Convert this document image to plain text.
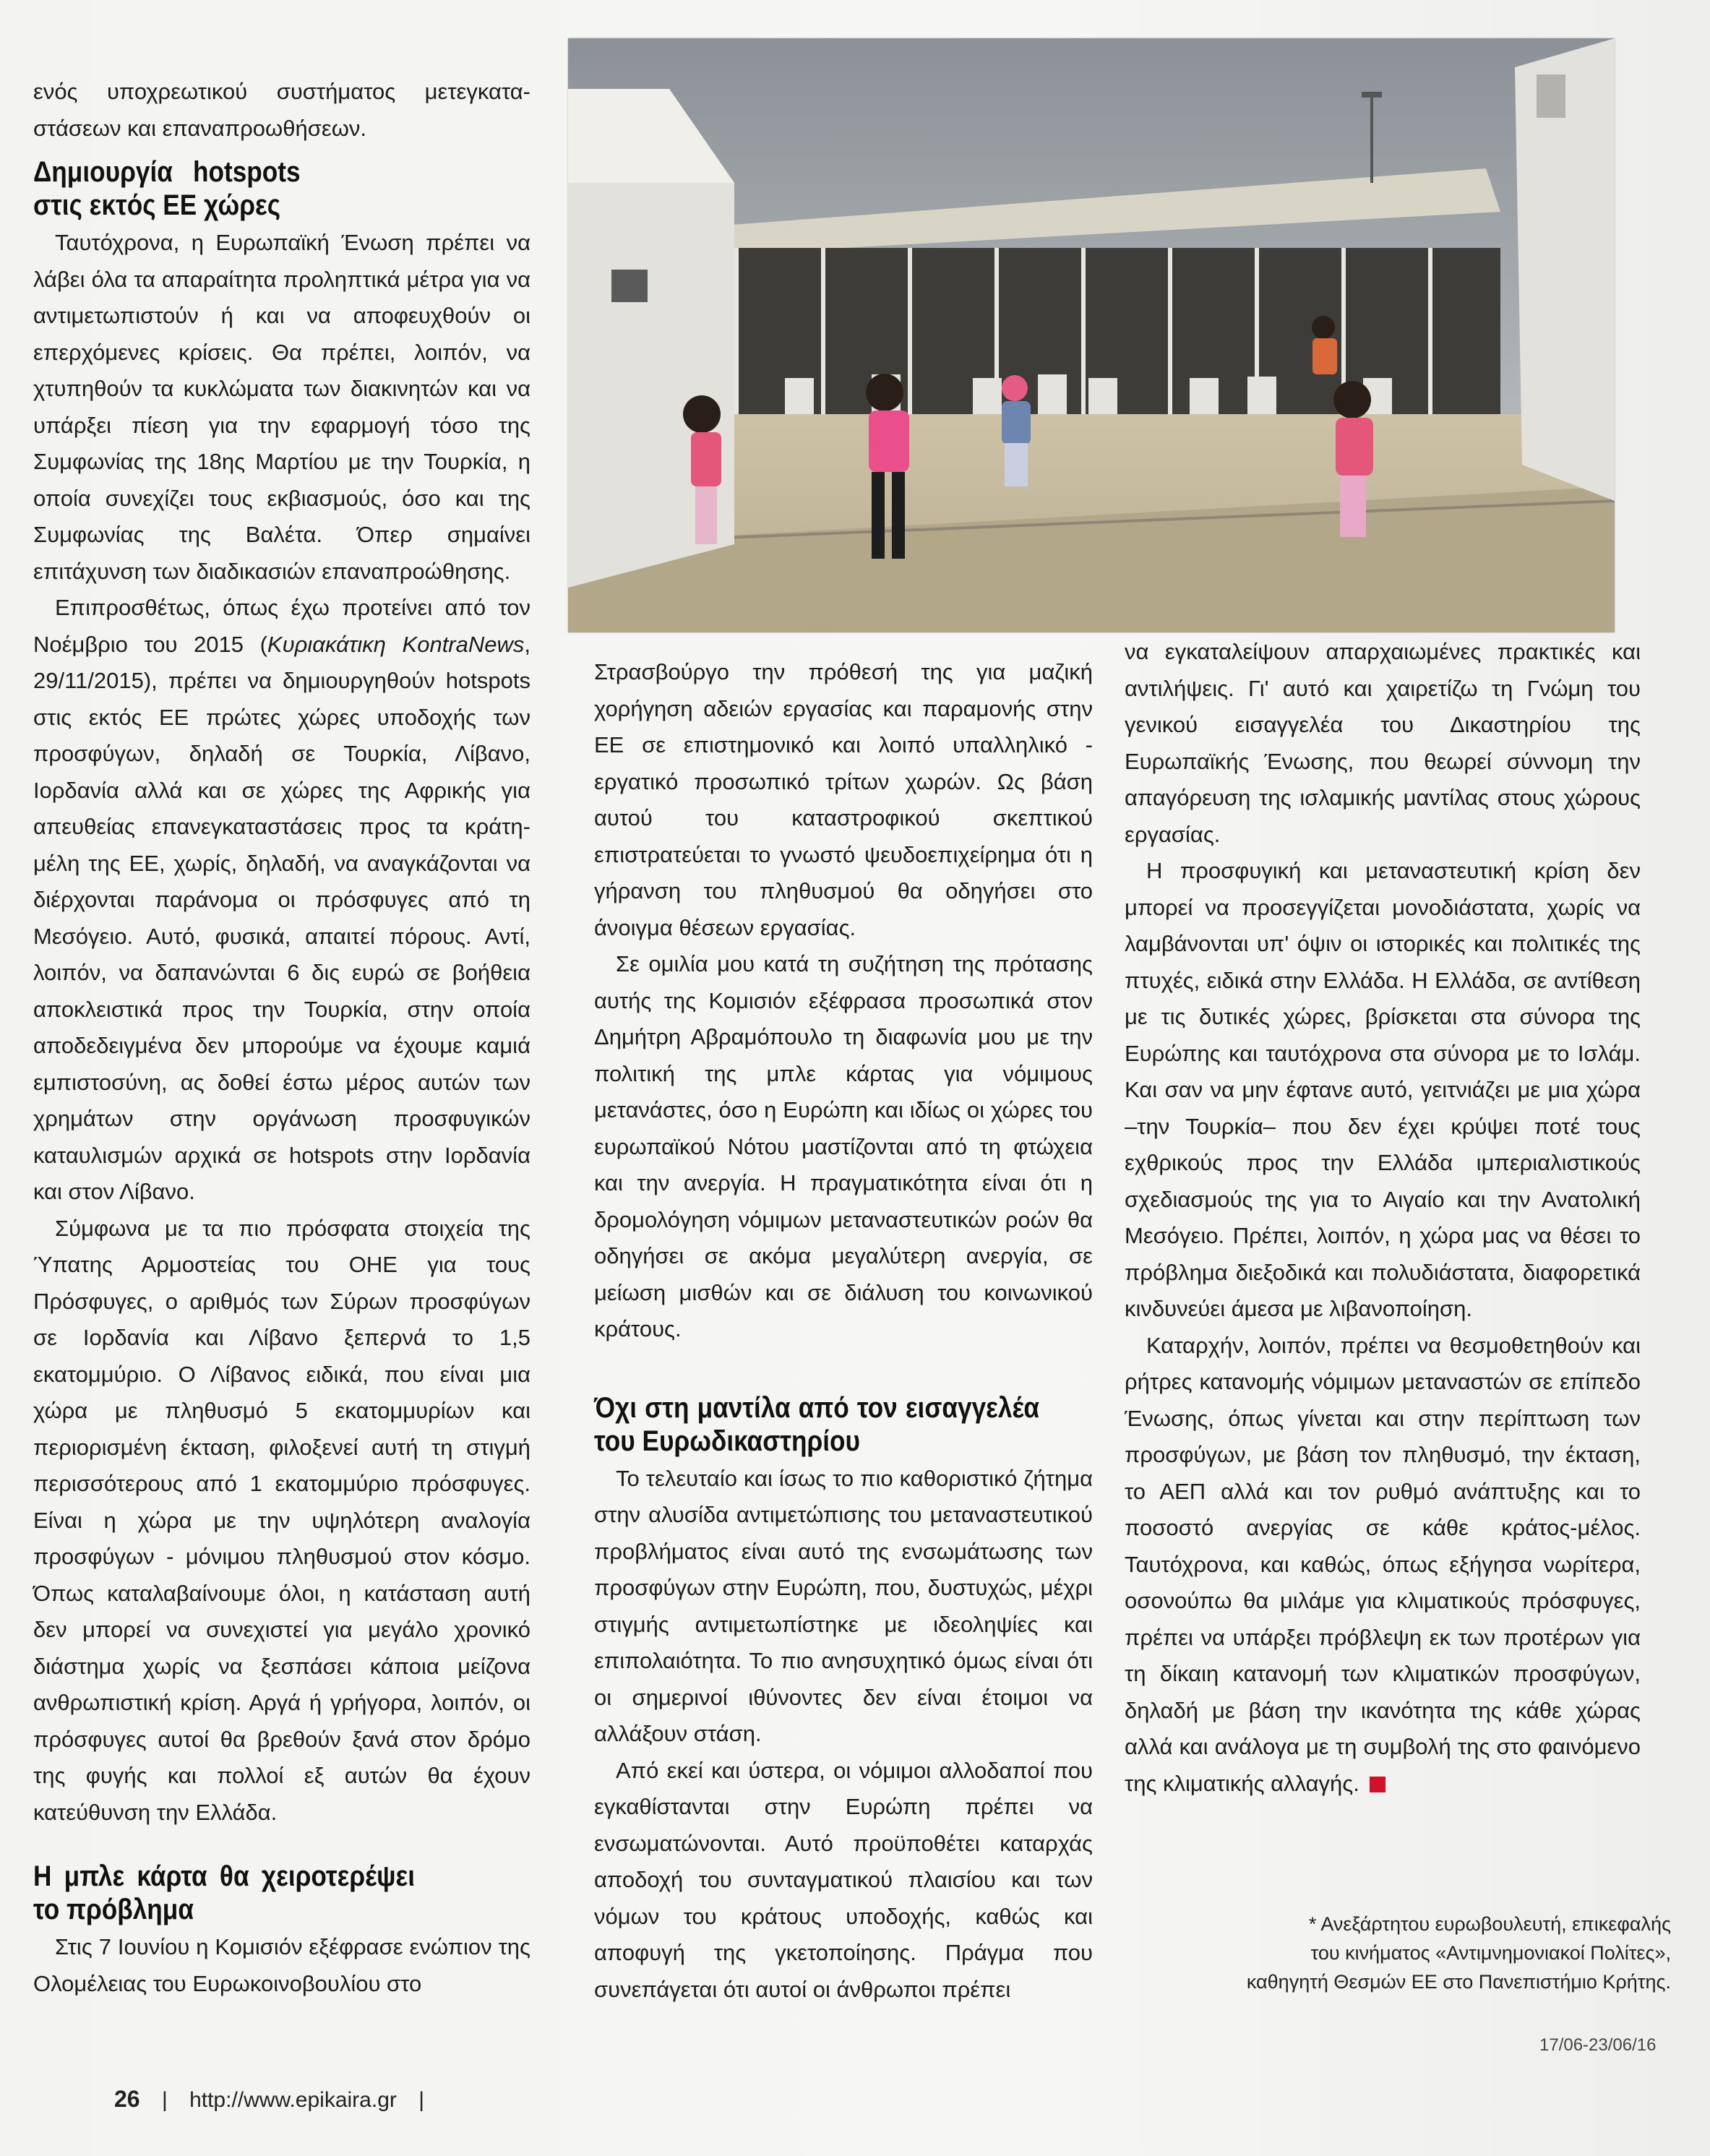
ενός υποχρεωτικού συστήματος μετεγκατα-στάσεων και επαναπροωθήσεων.

Δημιουργία hotspots στις εκτός ΕΕ χώρες

Ταυτόχρονα, η Ευρωπαϊκή Ένωση πρέπει να λάβει όλα τα απαραίτητα προληπτικά μέτρα για να αντιμετωπιστούν ή και να αποφευχθούν οι επερχόμενες κρίσεις. Θα πρέπει, λοιπόν, να χτυπηθούν τα κυκλώματα των διακινητών και να υπάρξει πίεση για την εφαρμογή τόσο της Συμφωνίας της 18ης Μαρτίου με την Τουρκία, η οποία συνεχίζει τους εκβιασμούς, όσο και της Συμφωνίας της Βαλέτα. Όπερ σημαίνει επιτάχυνση των διαδικασιών επαναπροώθησης.

Επιπροσθέτως, όπως έχω προτείνει από τον Νοέμβριο του 2015 (Κυριακάτικη KontraNews, 29/11/2015), πρέπει να δημιουργηθούν hotspots στις εκτός ΕΕ πρώτες χώρες υποδοχής των προσφύγων, δηλαδή σε Τουρκία, Λίβανο, Ιορδανία αλλά και σε χώρες της Αφρικής για απευθείας επανεγκαταστάσεις προς τα κράτη-μέλη της ΕΕ, χωρίς, δηλαδή, να αναγκάζονται να διέρχονται παράνομα οι πρόσφυγες από τη Μεσόγειο. Αυτό, φυσικά, απαιτεί πόρους. Αντί, λοιπόν, να δαπανώνται 6 δις ευρώ σε βοήθεια αποκλειστικά προς την Τουρκία, στην οποία αποδεδειγμένα δεν μπορούμε να έχουμε καμιά εμπιστοσύνη, ας δοθεί έστω μέρος αυτών των χρημάτων στην οργάνωση προσφυγικών καταυλισμών αρχικά σε hotspots στην Ιορδανία και στον Λίβανο.

Σύμφωνα με τα πιο πρόσφατα στοιχεία της Ύπατης Αρμοστείας του ΟΗΕ για τους Πρόσφυγες, ο αριθμός των Σύρων προσφύγων σε Ιορδανία και Λίβανο ξεπερνά το 1,5 εκατομμύριο. Ο Λίβανος ειδικά, που είναι μια χώρα με πληθυσμό 5 εκατομμυρίων και περιορισμένη έκταση, φιλοξενεί αυτή τη στιγμή περισσότερους από 1 εκατομμύριο πρόσφυγες. Είναι η χώρα με την υψηλότερη αναλογία προσφύγων - μόνιμου πληθυσμού στον κόσμο. Όπως καταλαβαίνουμε όλοι, η κατάσταση αυτή δεν μπορεί να συνεχιστεί για μεγάλο χρονικό διάστημα χωρίς να ξεσπάσει κάποια μείζονα ανθρωπιστική κρίση. Αργά ή γρήγορα, λοιπόν, οι πρόσφυγες αυτοί θα βρεθούν ξανά στον δρόμο της φυγής και πολλοί εξ αυτών θα έχουν κατεύθυνση την Ελλάδα.

Η μπλε κάρτα θα χειροτερέψει το πρόβλημα

Στις 7 Ιουνίου η Κομισιόν εξέφρασε ενώπιον της Ολομέλειας του Ευρωκοινοβουλίου στο

Στρασβούργο την πρόθεσή της για μαζική χορήγηση αδειών εργασίας και παραμονής στην ΕΕ σε επιστημονικό και λοιπό υπαλληλικό - εργατικό προσωπικό τρίτων χωρών. Ως βάση αυτού του καταστροφικού σκεπτικού επιστρατεύεται το γνωστό ψευδοεπιχείρημα ότι η γήρανση του πληθυσμού θα οδηγήσει στο άνοιγμα θέσεων εργασίας.

Σε ομιλία μου κατά τη συζήτηση της πρότασης αυτής της Κομισιόν εξέφρασα προσωπικά στον Δημήτρη Αβραμόπουλο τη διαφωνία μου με την πολιτική της μπλε κάρτας για νόμιμους μετανάστες, όσο η Ευρώπη και ιδίως οι χώρες του ευρωπαϊκού Νότου μαστίζονται από τη φτώχεια και την ανεργία. Η πραγματικότητα είναι ότι η δρομολόγηση νόμιμων μεταναστευτικών ροών θα οδηγήσει σε ακόμα μεγαλύτερη ανεργία, σε μείωση μισθών και σε διάλυση του κοινωνικού κράτους.

Όχι στη μαντίλα από τον εισαγγελέα του Ευρωδικαστηρίου

Το τελευταίο και ίσως το πιο καθοριστικό ζήτημα στην αλυσίδα αντιμετώπισης του μεταναστευτικού προβλήματος είναι αυτό της ενσωμάτωσης των προσφύγων στην Ευρώπη, που, δυστυχώς, μέχρι στιγμής αντιμετωπίστηκε με ιδεοληψίες και επιπολαιότητα. Το πιο ανησυχητικό όμως είναι ότι οι σημερινοί ιθύνοντες δεν είναι έτοιμοι να αλλάξουν στάση.

Από εκεί και ύστερα, οι νόμιμοι αλλοδαποί που εγκαθίστανται στην Ευρώπη πρέπει να ενσωματώνονται. Αυτό προϋποθέτει καταρχάς αποδοχή του συνταγματικού πλαισίου και των νόμων του κράτους υποδοχής, καθώς και αποφυγή της γκετοποίησης. Πράγμα που συνεπάγεται ότι αυτοί οι άνθρωποι πρέπει

να εγκαταλείψουν απαρχαιωμένες πρακτικές και αντιλήψεις. Γι' αυτό και χαιρετίζω τη Γνώμη του γενικού εισαγγελέα του Δικαστηρίου της Ευρωπαϊκής Ένωσης, που θεωρεί σύννομη την απαγόρευση της ισλαμικής μαντίλας στους χώρους εργασίας.

Η προσφυγική και μεταναστευτική κρίση δεν μπορεί να προσεγγίζεται μονοδιάστατα, χωρίς να λαμβάνονται υπ' όψιν οι ιστορικές και πολιτικές της πτυχές, ειδικά στην Ελλάδα. Η Ελλάδα, σε αντίθεση με τις δυτικές χώρες, βρίσκεται στα σύνορα της Ευρώπης και ταυτόχρονα στα σύνορα με το Ισλάμ. Και σαν να μην έφτανε αυτό, γειτνιάζει με μια χώρα –την Τουρκία– που δεν έχει κρύψει ποτέ τους εχθρικούς προς την Ελλάδα ιμπεριαλιστικούς σχεδιασμούς της για το Αιγαίο και την Ανατολική Μεσόγειο. Πρέπει, λοιπόν, η χώρα μας να θέσει το πρόβλημα διεξοδικά και πολυδιάστατα, διαφορετικά κινδυνεύει άμεσα με λιβανοποίηση.

Καταρχήν, λοιπόν, πρέπει να θεσμοθετηθούν και ρήτρες κατανομής νόμιμων μεταναστών σε επίπεδο Ένωσης, όπως γίνεται και στην περίπτωση των προσφύγων, με βάση τον πληθυσμό, την έκταση, το ΑΕΠ αλλά και τον ρυθμό ανάπτυξης και το ποσοστό ανεργίας σε κάθε κράτος-μέλος. Ταυτόχρονα, και καθώς, όπως εξήγησα νωρίτερα, οσονούπω θα μιλάμε για κλιματικούς πρόσφυγες, πρέπει να υπάρξει πρόβλεψη εκ των προτέρων για τη δίκαιη κατανομή των κλιματικών προσφύγων, δηλαδή με βάση την ικανότητα της κάθε χώρας αλλά και ανάλογα με τη συμβολή της στο φαινόμενο της κλιματικής αλλαγής.

* Ανεξάρτητου ευρωβουλευτή, επικεφαλής
του κινήματος «Αντιμνημονιακοί Πολίτες»,
καθηγητή Θεσμών ΕΕ στο Πανεπιστήμιο Κρήτης.
17/06-23/06/16
26 | http://www.epikaira.gr |
